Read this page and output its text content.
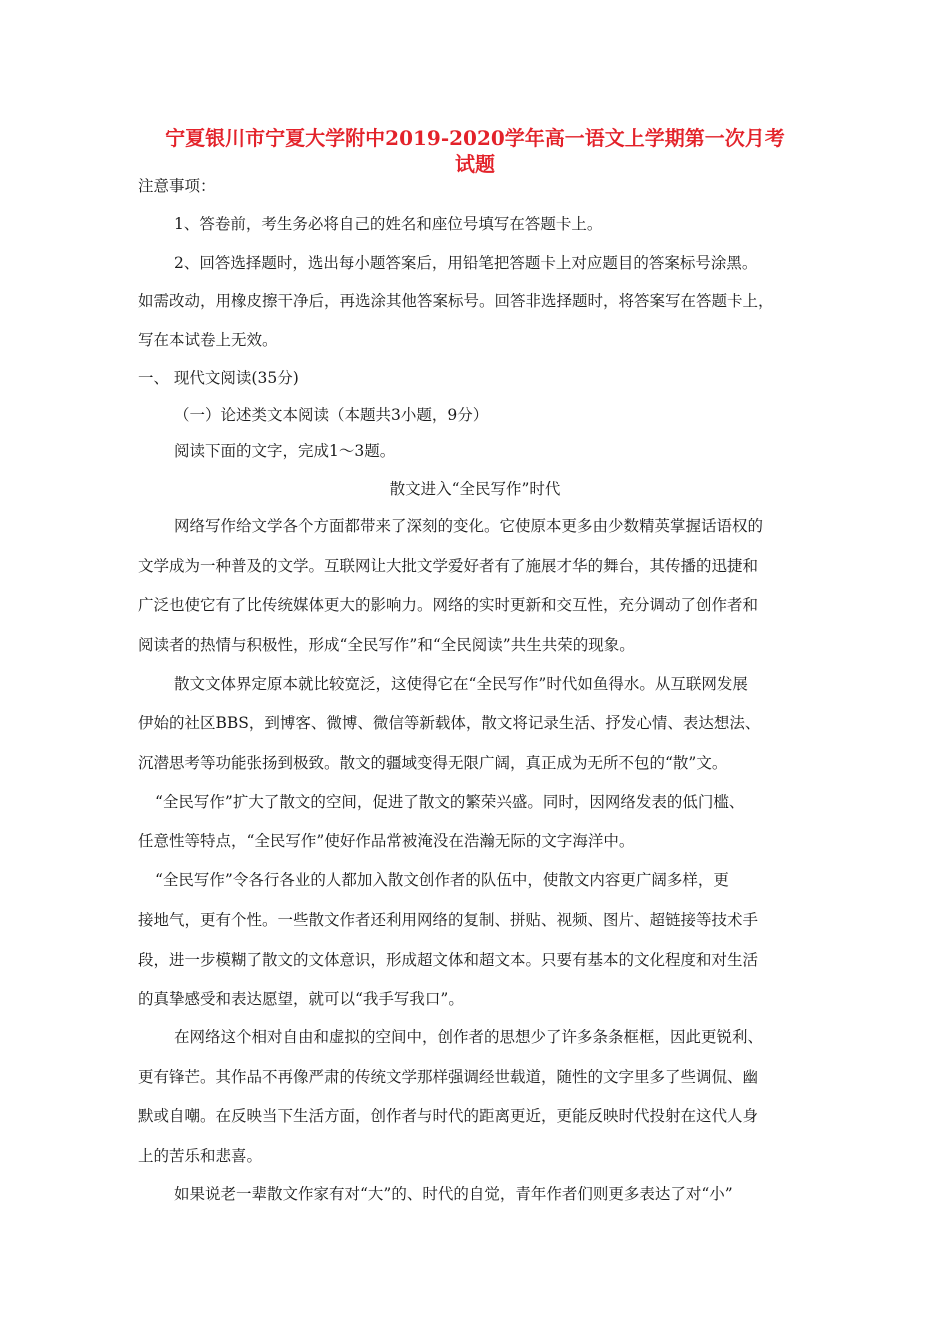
宁夏银川市宁夏大学附中2019-2020学年高一语文上学期第一次月考
试题
注意事项：
1、答卷前，考生务必将自己的姓名和座位号填写在答题卡上。
2、回答选择题时，选出每小题答案后，用铅笔把答题卡上对应题目的答案标号涂黑。
如需改动，用橡皮擦干净后，再选涂其他答案标号。回答非选择题时，将答案写在答题卡上，
写在本试卷上无效。
一、 现代文阅读(35分)
（一）论述类文本阅读（本题共3小题，9分）
阅读下面的文字，完成1～3题。
散文进入“全民写作”时代
网络写作给文学各个方面都带来了深刻的变化。它使原本更多由少数精英掌握话语权的
文学成为一种普及的文学。互联网让大批文学爱好者有了施展才华的舞台，其传播的迅捷和
广泛也使它有了比传统媒体更大的影响力。网络的实时更新和交互性，充分调动了创作者和
阅读者的热情与积极性，形成“全民写作”和“全民阅读”共生共荣的现象。
散文文体界定原本就比较宽泛，这使得它在“全民写作”时代如鱼得水。从互联网发展
伊始的社区BBS，到博客、微博、微信等新载体，散文将记录生活、抒发心情、表达想法、
沉潜思考等功能张扬到极致。散文的疆域变得无限广阔，真正成为无所不包的“散”文。
“全民写作”扩大了散文的空间，促进了散文的繁荣兴盛。同时，因网络发表的低门槛、
任意性等特点，“全民写作”使好作品常被淹没在浩瀚无际的文字海洋中。
“全民写作”令各行各业的人都加入散文创作者的队伍中，使散文内容更广阔多样，更
接地气，更有个性。一些散文作者还利用网络的复制、拼贴、视频、图片、超链接等技术手
段，进一步模糊了散文的文体意识，形成超文体和超文本。只要有基本的文化程度和对生活
的真挚感受和表达愿望，就可以“我手写我口”。
在网络这个相对自由和虚拟的空间中，创作者的思想少了许多条条框框，因此更锐利、
更有锋芒。其作品不再像严肃的传统文学那样强调经世载道，随性的文字里多了些调侃、幽
默或自嘲。在反映当下生活方面，创作者与时代的距离更近，更能反映时代投射在这代人身
上的苦乐和悲喜。
如果说老一辈散文作家有对“大”的、时代的自觉，青年作者们则更多表达了对“小”
